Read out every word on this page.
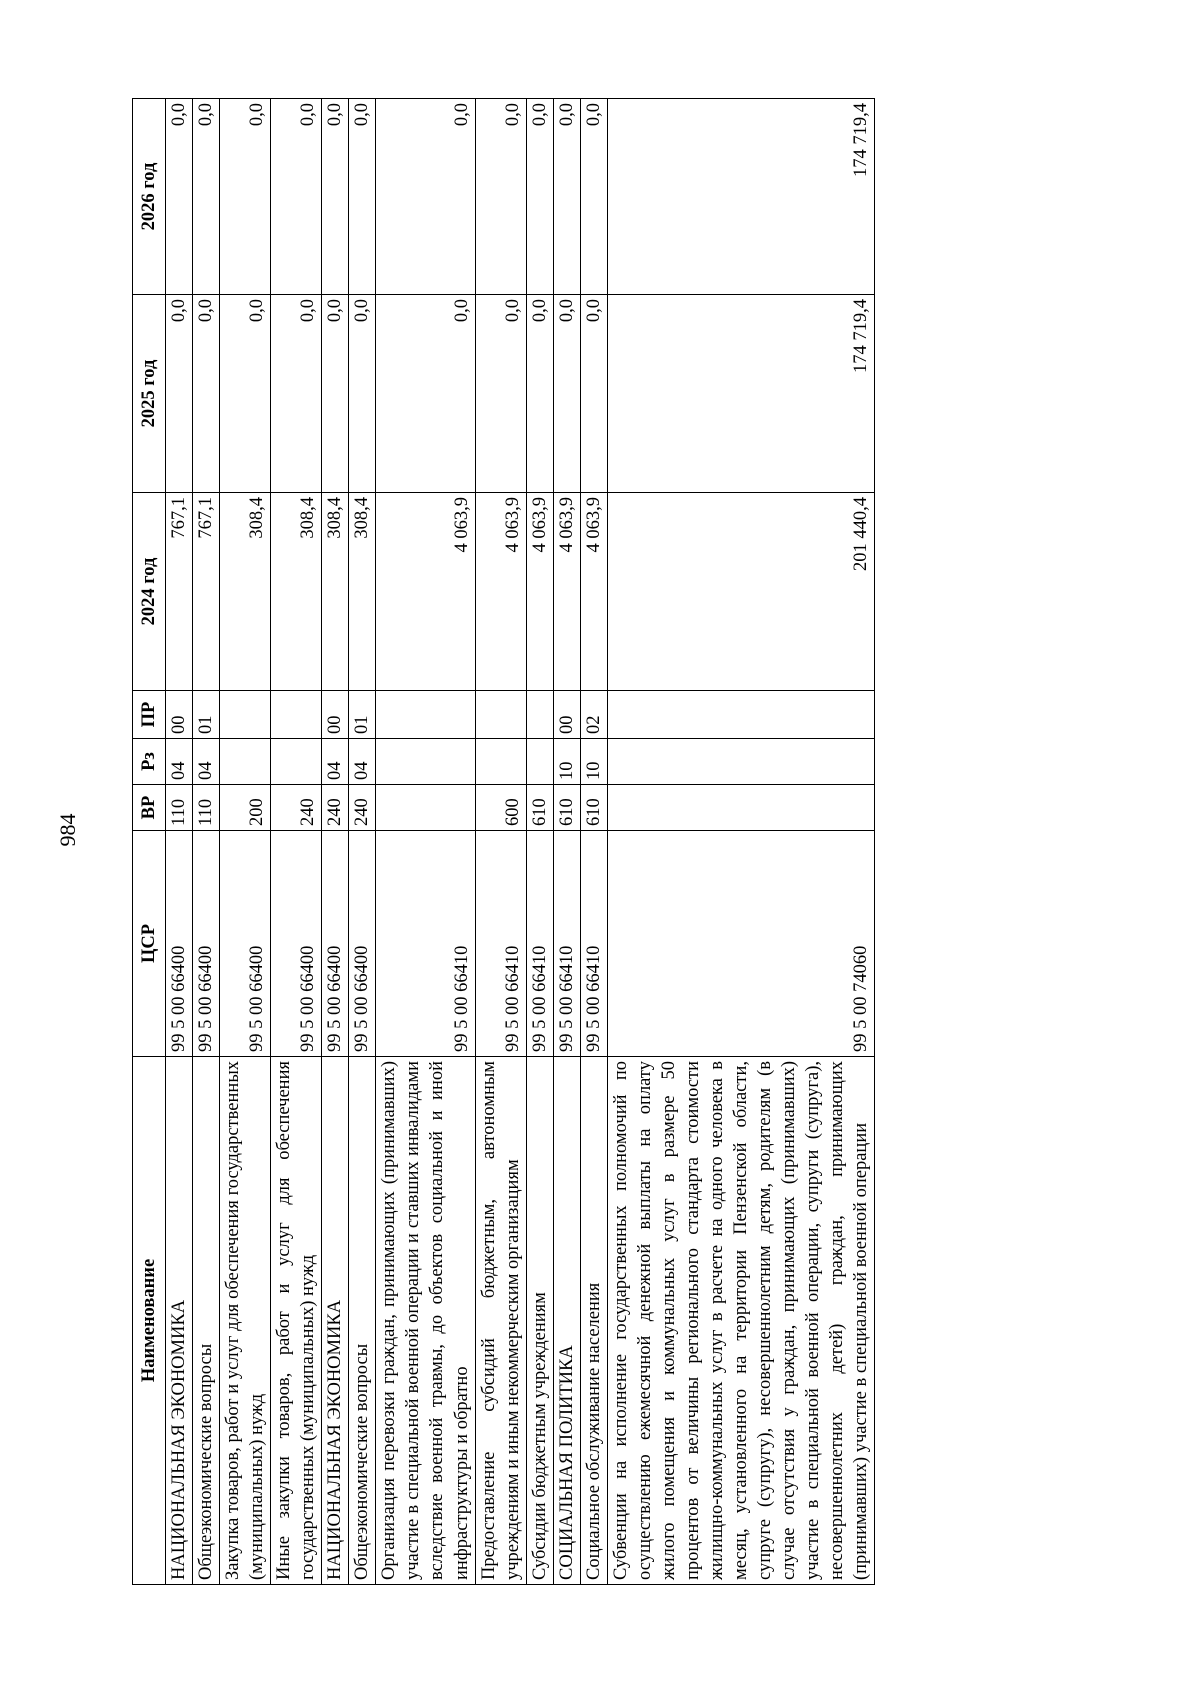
984
Наименование	ЦСР	ВР	Рз	ПР	2024 год	2025 год	2026 год
НАЦИОНАЛЬНАЯ ЭКОНОМИКА	99 5 00 66400	110	04	00	767,1	0,0	0,0
Общеэкономические вопросы	99 5 00 66400	110	04	01	767,1	0,0	0,0
Закупка товаров, работ и услуг для обеспечения государственных (муниципальных) нужд	99 5 00 66400	200			308,4	0,0	0,0
Иные закупки товаров, работ и услуг для обеспечения государственных (муниципальных) нужд	99 5 00 66400	240			308,4	0,0	0,0
НАЦИОНАЛЬНАЯ ЭКОНОМИКА	99 5 00 66400	240	04	00	308,4	0,0	0,0
Общеэкономические вопросы	99 5 00 66400	240	04	01	308,4	0,0	0,0
Организация перевозки граждан, принимающих (принимавших) участие в специальной военной операции и ставших инвалидами вследствие военной травмы, до объектов социальной и иной инфраструктуры и обратно	99 5 00 66410				4 063,9	0,0	0,0
Предоставление субсидий бюджетным, автономным учреждениям и иным некоммерческим организациям	99 5 00 66410	600			4 063,9	0,0	0,0
Субсидии бюджетным учреждениям	99 5 00 66410	610			4 063,9	0,0	0,0
СОЦИАЛЬНАЯ ПОЛИТИКА	99 5 00 66410	610	10	00	4 063,9	0,0	0,0
Социальное обслуживание населения	99 5 00 66410	610	10	02	4 063,9	0,0	0,0
Субвенции на исполнение государственных полномочий по осуществлению ежемесячной денежной выплаты на оплату жилого помещения и коммунальных услуг в размере 50 процентов от величины регионального стандарта стоимости жилищно-коммунальных услуг в расчете на одного человека в месяц, установленного на территории Пензенской области, супруге (супругу), несовершеннолетним детям, родителям (в случае отсутствия у граждан, принимающих (принимавших) участие в специальной военной операции, супруги (супруга), несовершеннолетних детей) граждан, принимающих (принимавших) участие в специальной военной операции	99 5 00 74060				201 440,4	174 719,4	174 719,4
